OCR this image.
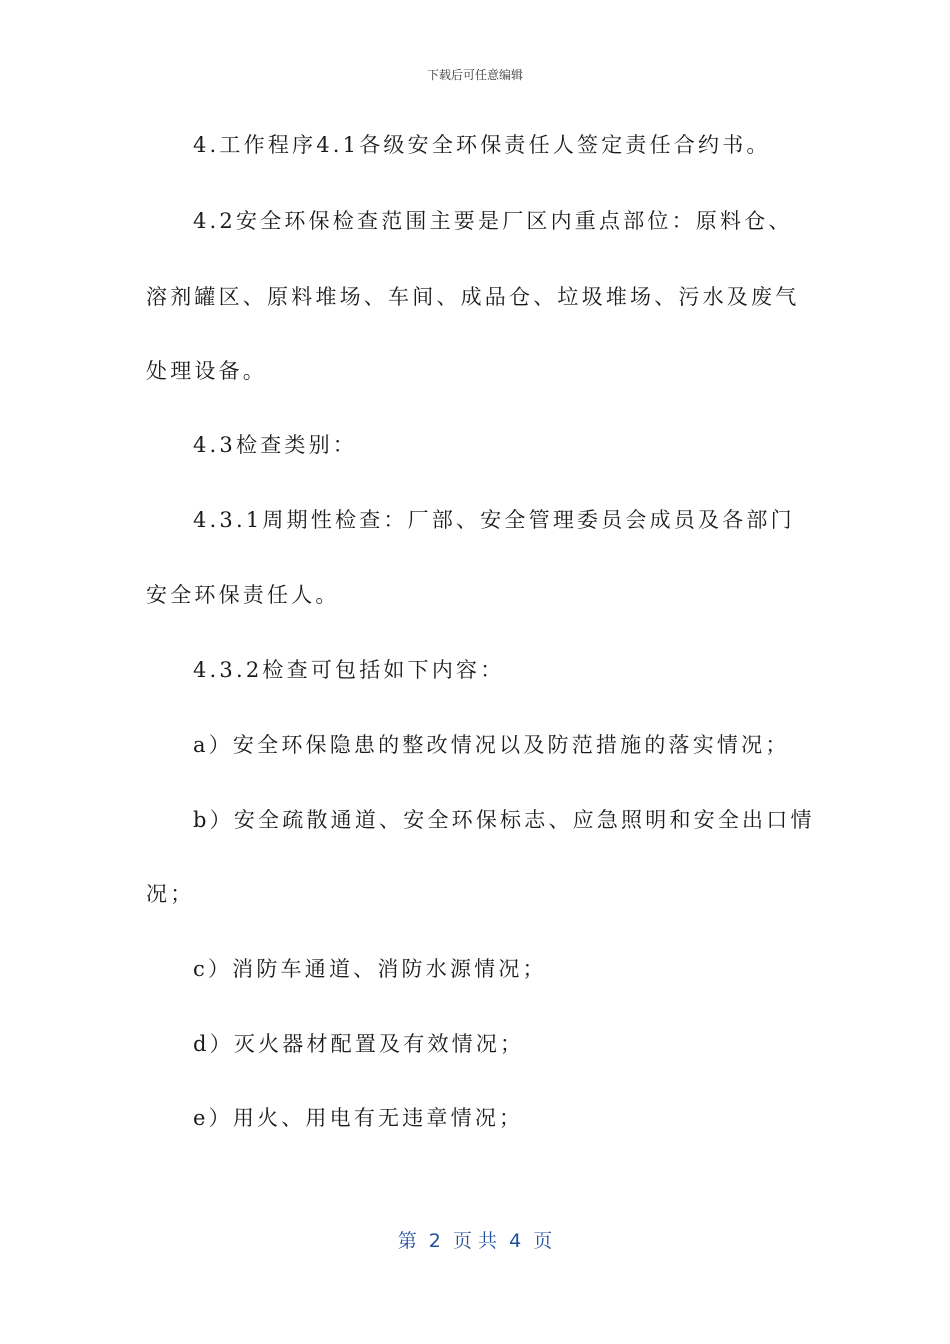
下载后可任意编辑
4.工作程序4.1各级安全环保责任人签定责任合约书。
4.2安全环保检查范围主要是厂区内重点部位：原料仓、
溶剂罐区、原料堆场、车间、成品仓、垃圾堆场、污水及废气
处理设备。
4.3检查类别：
4.3.1周期性检查：厂部、安全管理委员会成员及各部门
安全环保责任人。
4.3.2检查可包括如下内容：
a）安全环保隐患的整改情况以及防范措施的落实情况；
b）安全疏散通道、安全环保标志、应急照明和安全出口情
况；
c）消防车通道、消防水源情况；
d）灭火器材配置及有效情况；
e）用火、用电有无违章情况；
第  2  页 共  4  页
